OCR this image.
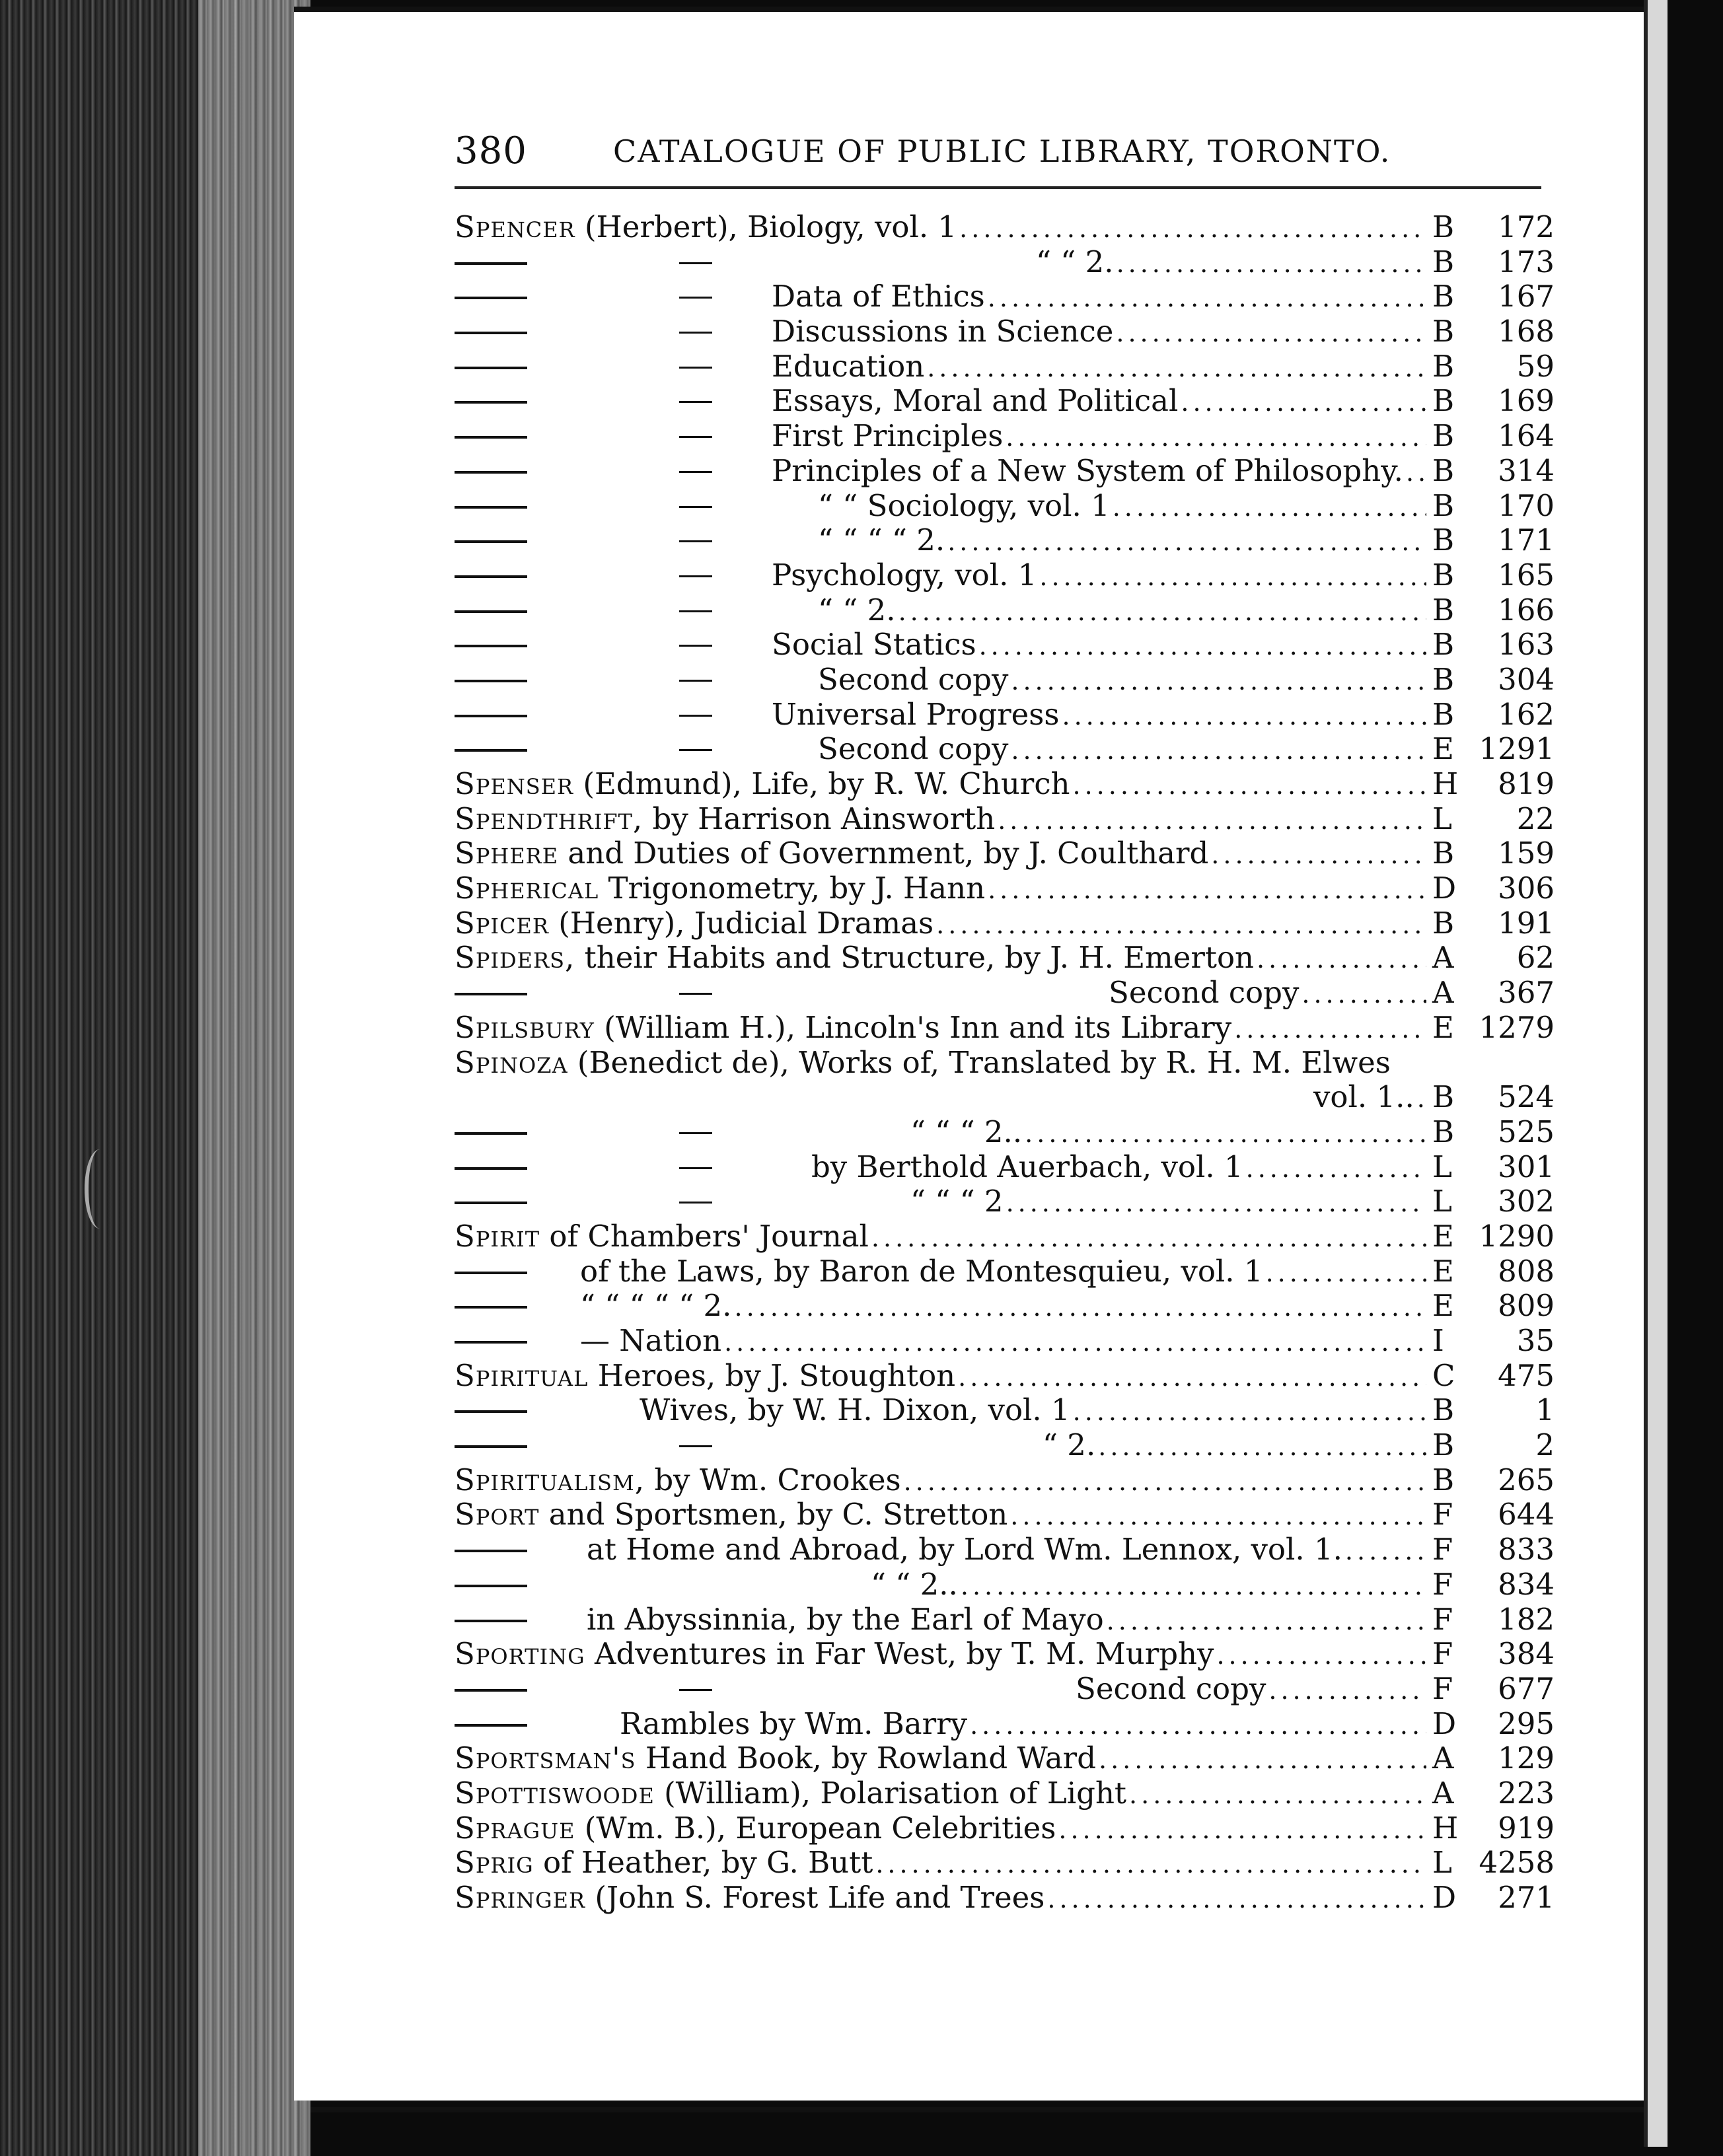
380	CATALOGUE OF PUBLIC LIBRARY, TORONTO.
Spencer
(Herbert), Biology, vol. 1 .....	B	172
“ “ 2. .....	B	173
Data of Ethics .....	B	167
Discussions in Science .....	B	168
Education .....	B	59
Essays, Moral and Political .....	B	169
First Principles .....	B	164
Principles of a New System of Philosophy. ..... B	314
“ “ Sociology, vol. 1 .....	B	170
“ “ “ “ 2. .....	B	171
Psychology, vol. 1 .....	B	165
“ “ 2. .....	B	166
Social Statics .....	B	163
Second copy .....	B	304
Universal Progress .....	B	162
Second copy .....	E 1291
Spenser
(Edmund), Life, by R. W. Church .....	H	819
Spendthrift,
by Harrison Ainsworth .....	L	22
Sphere
and Duties of Government, by J. Coulthard .....	B	159
Spherical
Trigonometry, by J. Hann .....	D	306
Spicer
(Henry), Judicial Dramas .....	B	191
Spiders,
their Habits and Structure, by J. H. Emerton .....	A	62
Second copy .....	A	367
Spilsbury
(William H.), Lincoln's Inn and its Library .....	E 1279
Spinoza
(Benedict de), Works of, Translated by R. H. M. Elwes
vol. 1.. ..... B	524
“ “ “ 2.. .....	B	525
by Berthold Auerbach, vol. 1 .....	L	301
“ “ “ 2 .....	L	302
Spirit
of Chambers' Journal .....	E 1290
of the Laws, by Baron de Montesquieu, vol. 1 .....	E	808
“ “ “ “ “ 2. .....	E	809
— Nation .....	I	35
Spiritual
Heroes, by J. Stoughton .....	C	475
Wives, by W. H. Dixon, vol. 1 .....	B	1
“ 2. .....	B	2
Spiritualism,
by Wm. Crookes .....	B	265
Sport
and Sportsmen, by C. Stretton .....	F	644
at Home and Abroad, by Lord Wm. Lennox, vol. 1. .....	F	833
“ “ 2.. .....	F	834
in Abyssinnia, by the Earl of Mayo .....	F	182
Sporting
Adventures in Far West, by T. M. Murphy .....	F	384
Second copy .....	F	677
Rambles by Wm. Barry .....	D	295
Sportsman's
Hand Book, by Rowland Ward .....	A	129
Spottiswoode
(William), Polarisation of Light .....	A	223
Sprague
(Wm. B.), European Celebrities .....	H	919
Sprig
of Heather, by G. Butt .....	L 4258
Springer
(John S. Forest Life and Trees .....	D	271
